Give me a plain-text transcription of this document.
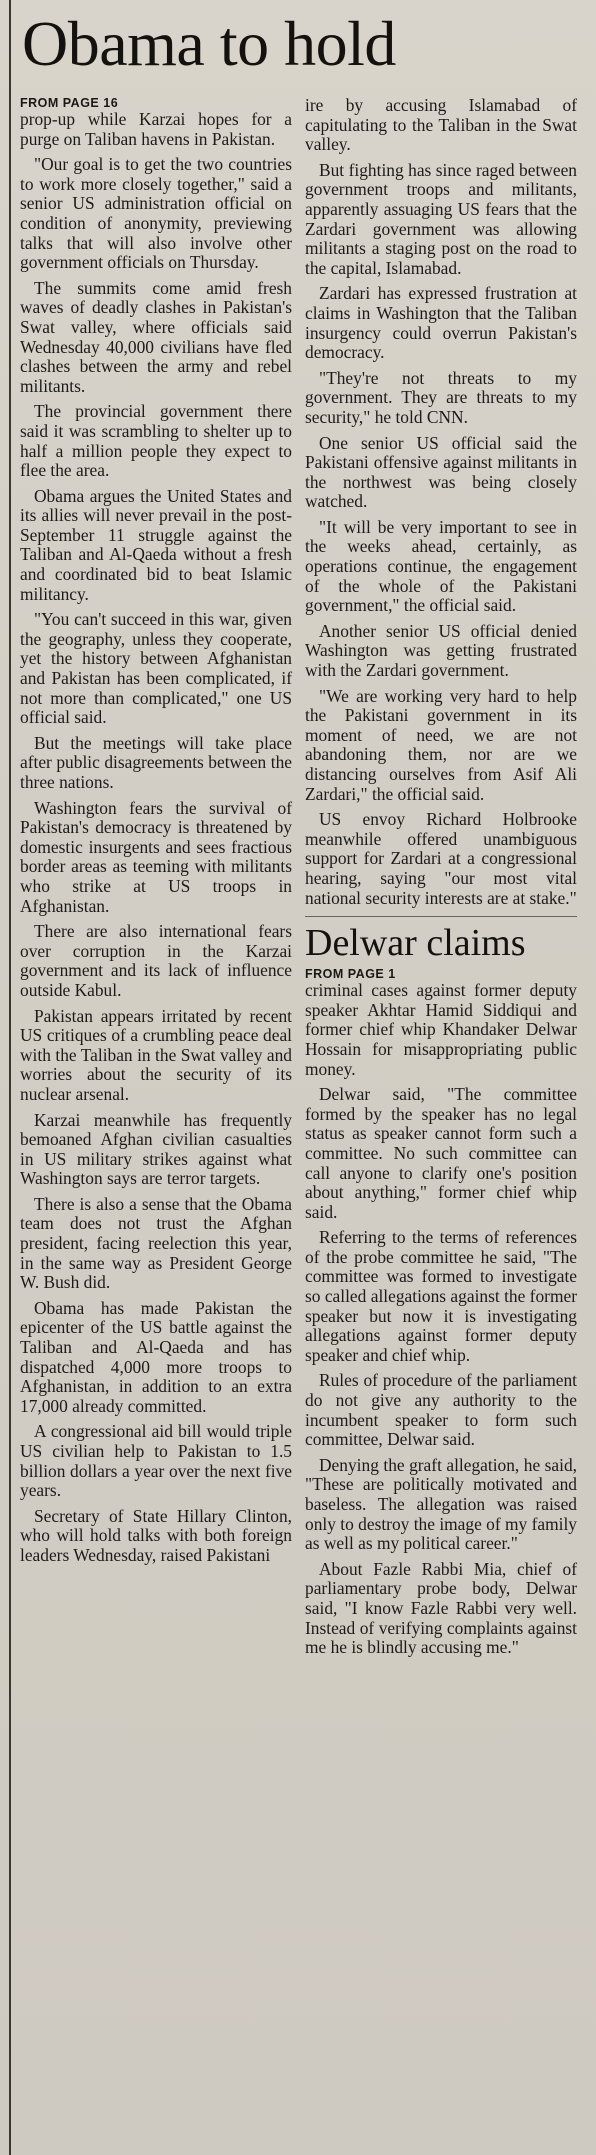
Obama to hold
FROM PAGE 16

prop-up while Karzai hopes for a purge on Taliban havens in Pakistan.

"Our goal is to get the two countries to work more closely together," said a senior US administration official on condition of anonymity, previewing talks that will also involve other government officials on Thursday.

The summits come amid fresh waves of deadly clashes in Pakistan's Swat valley, where officials said Wednesday 40,000 civilians have fled clashes between the army and rebel militants.

The provincial government there said it was scrambling to shelter up to half a million people they expect to flee the area.

Obama argues the United States and its allies will never prevail in the post-September 11 struggle against the Taliban and Al-Qaeda without a fresh and coordinated bid to beat Islamic militancy.

"You can't succeed in this war, given the geography, unless they cooperate, yet the history between Afghanistan and Pakistan has been complicated, if not more than complicated," one US official said.

But the meetings will take place after public disagreements between the three nations.

Washington fears the survival of Pakistan's democracy is threatened by domestic insurgents and sees fractious border areas as teeming with militants who strike at US troops in Afghanistan.

There are also international fears over corruption in the Karzai government and its lack of influence outside Kabul.

Pakistan appears irritated by recent US critiques of a crumbling peace deal with the Taliban in the Swat valley and worries about the security of its nuclear arsenal.

Karzai meanwhile has frequently bemoaned Afghan civilian casualties in US military strikes against what Washington says are terror targets.

There is also a sense that the Obama team does not trust the Afghan president, facing reelection this year, in the same way as President George W. Bush did.

Obama has made Pakistan the epicenter of the US battle against the Taliban and Al-Qaeda and has dispatched 4,000 more troops to Afghanistan, in addition to an extra 17,000 already committed.

A congressional aid bill would triple US civilian help to Pakistan to 1.5 billion dollars a year over the next five years.

Secretary of State Hillary Clinton, who will hold talks with both foreign leaders Wednesday, raised Pakistani

ire by accusing Islamabad of capitulating to the Taliban in the Swat valley.

But fighting has since raged between government troops and militants, apparently assuaging US fears that the Zardari government was allowing militants a staging post on the road to the capital, Islamabad.

Zardari has expressed frustration at claims in Washington that the Taliban insurgency could overrun Pakistan's democracy.

"They're not threats to my government. They are threats to my security," he told CNN.

One senior US official said the Pakistani offensive against militants in the northwest was being closely watched.

"It will be very important to see in the weeks ahead, certainly, as operations continue, the engagement of the whole of the Pakistani government," the official said.

Another senior US official denied Washington was getting frustrated with the Zardari government.

"We are working very hard to help the Pakistani government in its moment of need, we are not abandoning them, nor are we distancing ourselves from Asif Ali Zardari," the official said.

US envoy Richard Holbrooke meanwhile offered unambiguous support for Zardari at a congressional hearing, saying "our most vital national security interests are at stake."

Delwar claims
FROM PAGE 1

criminal cases against former deputy speaker Akhtar Hamid Siddiqui and former chief whip Khandaker Delwar Hossain for misappropriating public money.

Delwar said, "The committee formed by the speaker has no legal status as speaker cannot form such a committee. No such committee can call anyone to clarify one's position about anything," former chief whip said.

Referring to the terms of references of the probe committee he said, "The committee was formed to investigate so called allegations against the former speaker but now it is investigating allegations against former deputy speaker and chief whip.

Rules of procedure of the parliament do not give any authority to the incumbent speaker to form such committee, Delwar said.

Denying the graft allegation, he said, "These are politically motivated and baseless. The allegation was raised only to destroy the image of my family as well as my political career."

About Fazle Rabbi Mia, chief of parliamentary probe body, Delwar said, "I know Fazle Rabbi very well. Instead of verifying complaints against me he is blindly accusing me."
